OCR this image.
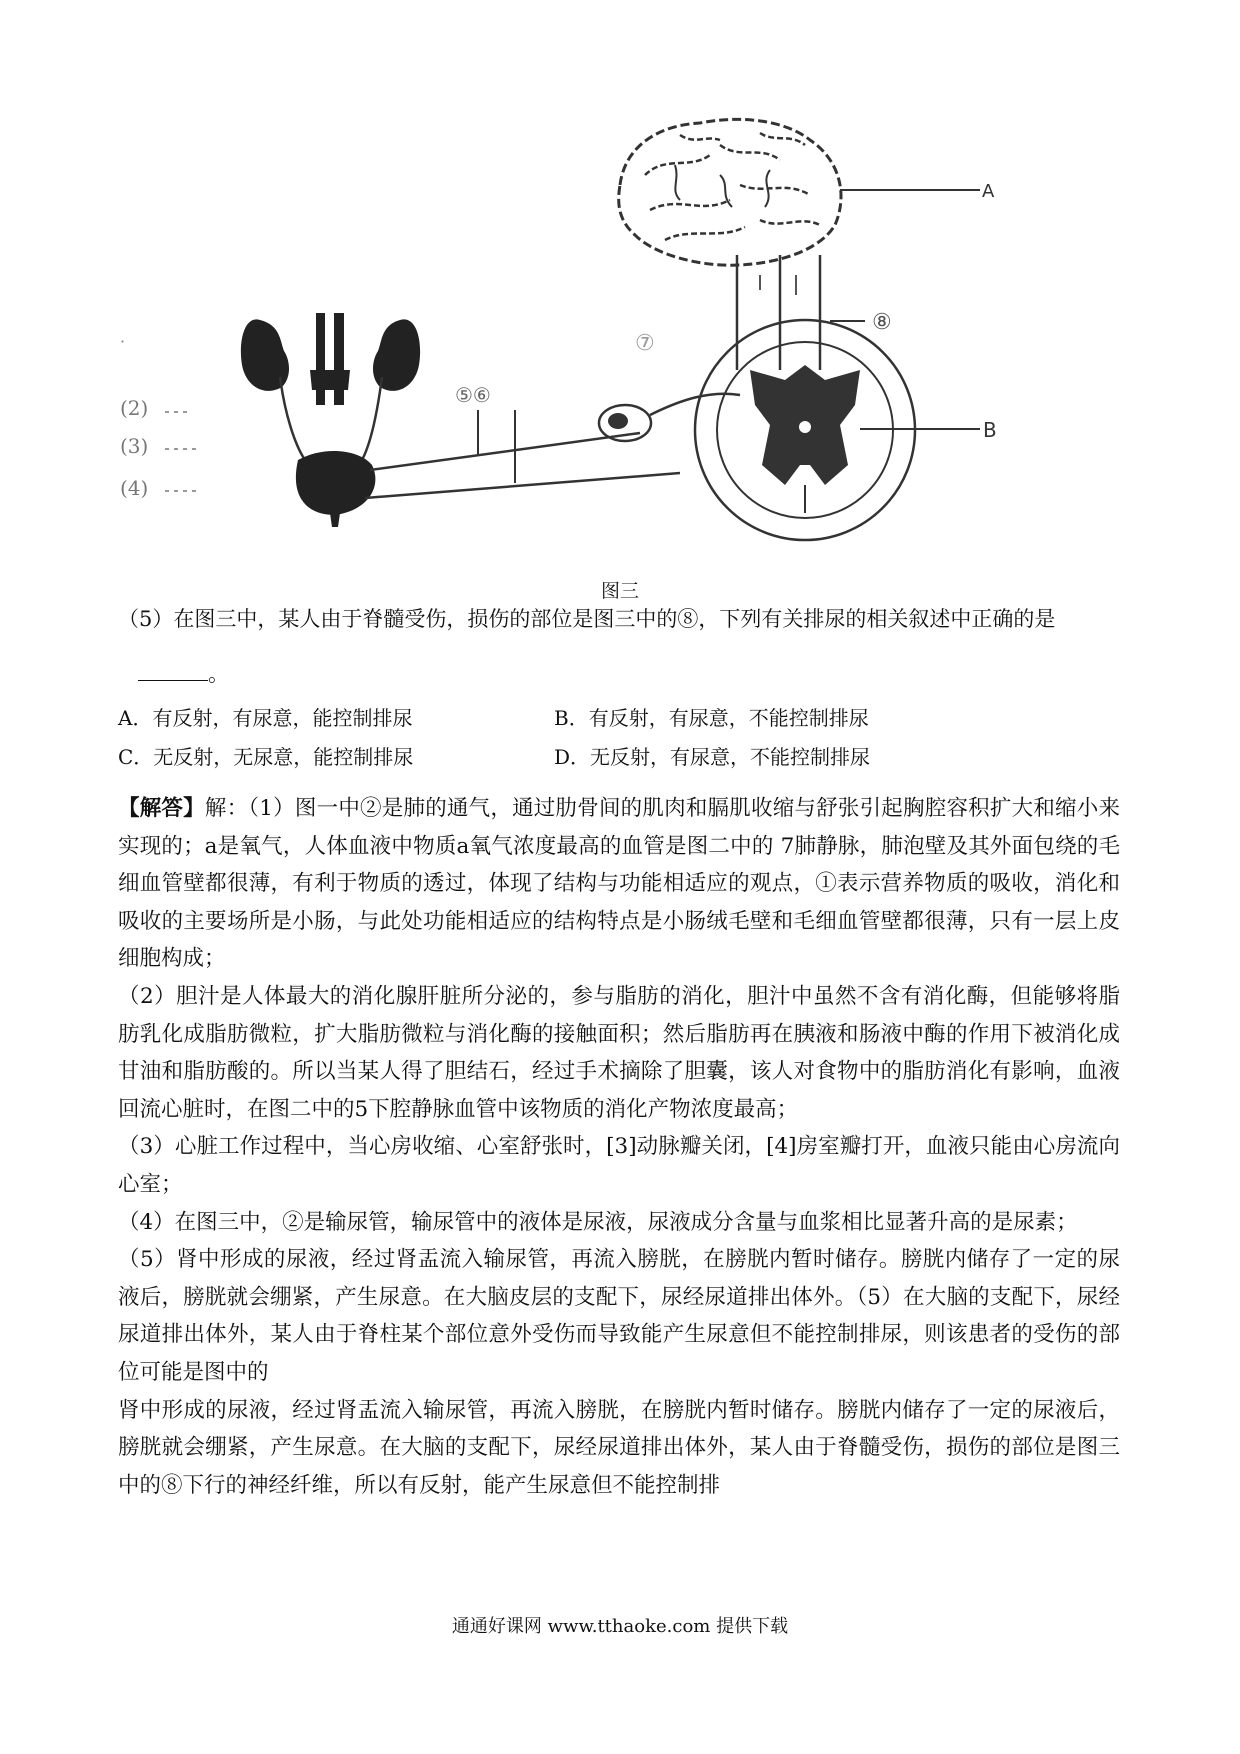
·
(2)
(3)
(4)
⑤⑥
⑦
B
⑧
A
图三
（5）在图三中，某人由于脊髓受伤，损伤的部位是图三中的⑧，下列有关排尿的相关叙述中正确的是
。
A．有反射，有尿意，能控制排尿	B．有反射，有尿意，不能控制排尿
C．无反射，无尿意，能控制排尿	D．无反射，有尿意，不能控制排尿

【解答】解：（1）图一中②是肺的通气，通过肋骨间的肌肉和膈肌收缩与舒张引起胸腔容积扩大和缩小来实现的；a是氧气，人体血液中物质a氧气浓度最高的血管是图二中的 7肺静脉，肺泡壁及其外面包绕的毛细血管壁都很薄，有利于物质的透过，体现了结构与功能相适应的观点，①表示营养物质的吸收，消化和吸收的主要场所是小肠，与此处功能相适应的结构特点是小肠绒毛壁和毛细血管壁都很薄，只有一层上皮细胞构成；

（2）胆汁是人体最大的消化腺肝脏所分泌的，参与脂肪的消化，胆汁中虽然不含有消化酶，但能够将脂肪乳化成脂肪微粒，扩大脂肪微粒与消化酶的接触面积；然后脂肪再在胰液和肠液中酶的作用下被消化成甘油和脂肪酸的。所以当某人得了胆结石，经过手术摘除了胆囊，该人对食物中的脂肪消化有影响，血液回流心脏时，在图二中的5下腔静脉血管中该物质的消化产物浓度最高；

（3）心脏工作过程中，当心房收缩、心室舒张时，[3]动脉瓣关闭，[4]房室瓣打开，血液只能由心房流向心室；

（4）在图三中，②是输尿管，输尿管中的液体是尿液，尿液成分含量与血浆相比显著升高的是尿素；

（5）肾中形成的尿液，经过肾盂流入输尿管，再流入膀胱，在膀胱内暂时储存。膀胱内储存了一定的尿液后，膀胱就会绷紧，产生尿意。在大脑皮层的支配下，尿经尿道排出体外。（5）在大脑的支配下，尿经尿道排出体外，某人由于脊柱某个部位意外受伤而导致能产生尿意但不能控制排尿，则该患者的受伤的部位可能是图中的

肾中形成的尿液，经过肾盂流入输尿管，再流入膀胱，在膀胱内暂时储存。膀胱内储存了一定的尿液后，膀胱就会绷紧，产生尿意。在大脑的支配下，尿经尿道排出体外，某人由于脊髓受伤，损伤的部位是图三中的⑧下行的神经纤维，所以有反射，能产生尿意但不能控制排

通通好课网 www.tthaoke.com 提供下载
